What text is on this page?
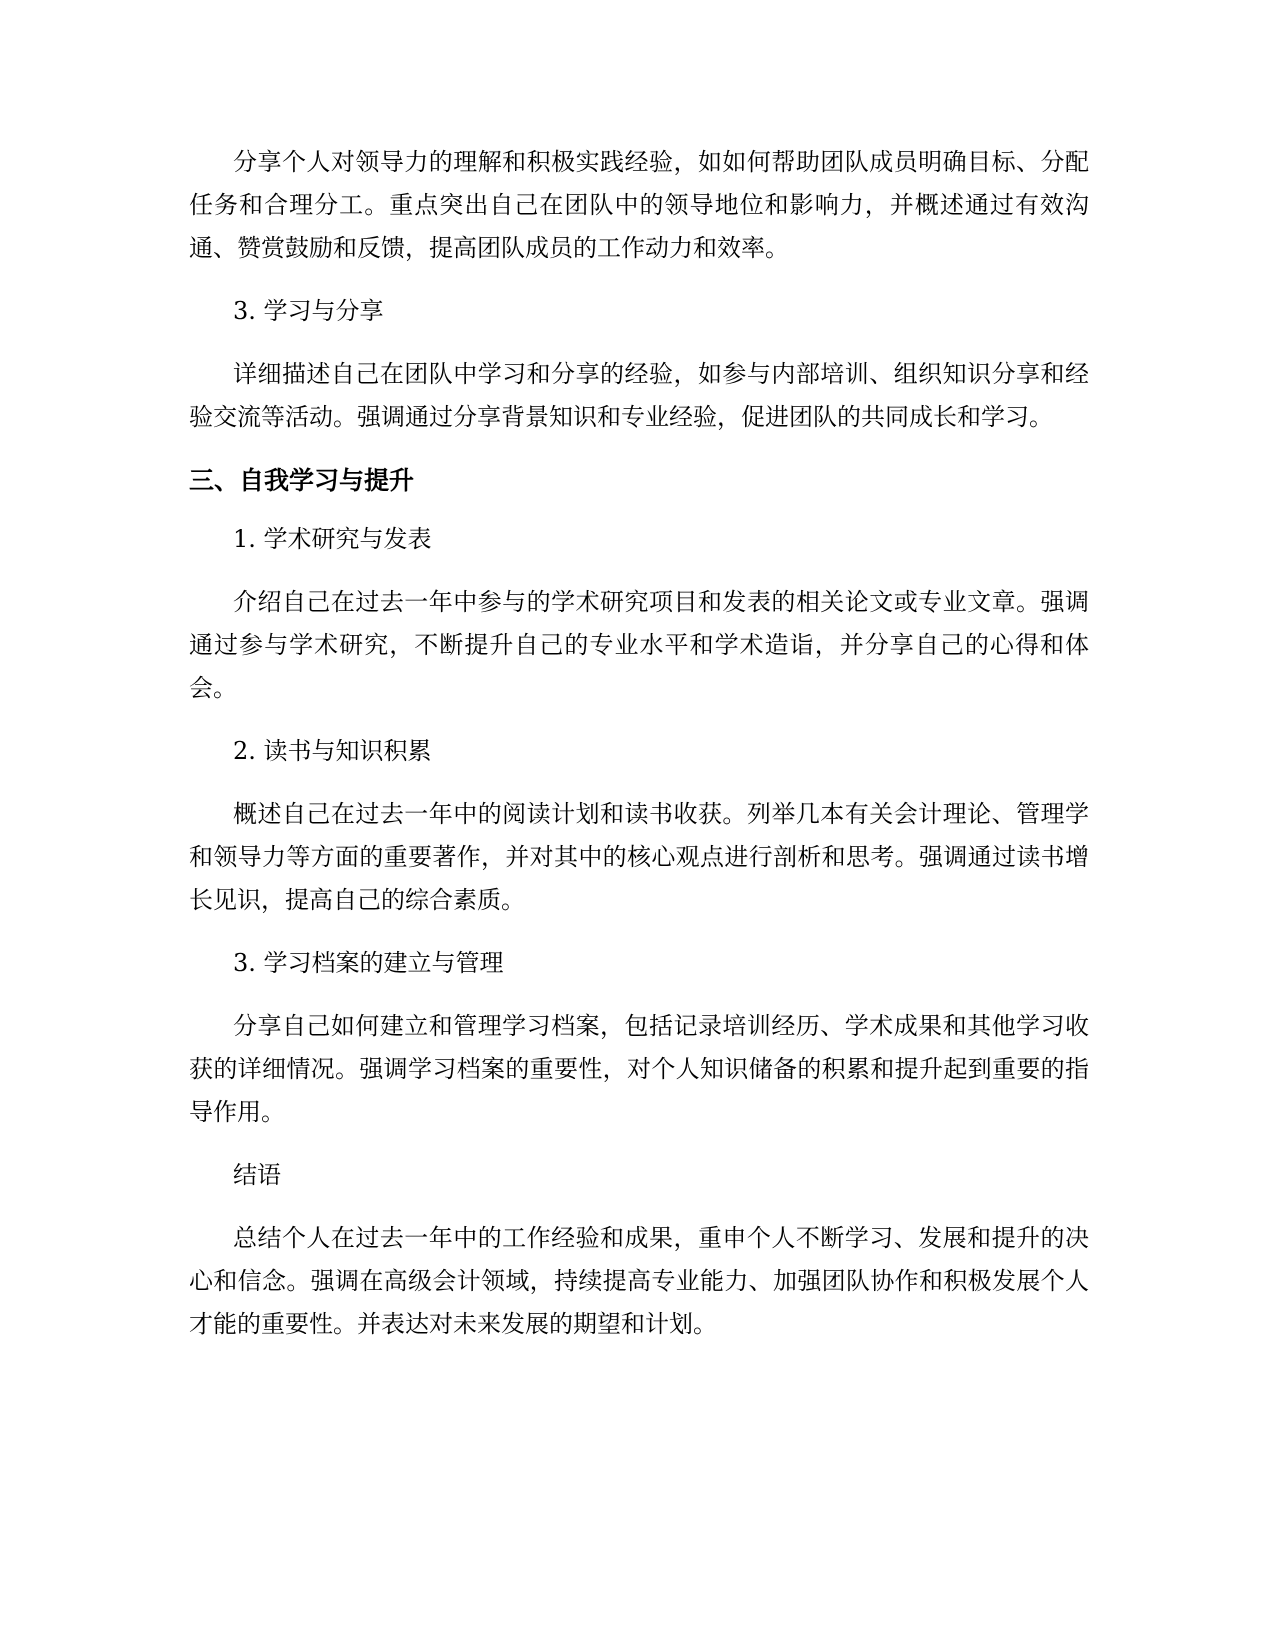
分享个人对领导力的理解和积极实践经验，如如何帮助团队成员明确目标、分配任务和合理分工。重点突出自己在团队中的领导地位和影响力，并概述通过有效沟通、赞赏鼓励和反馈，提高团队成员的工作动力和效率。

3. 学习与分享

详细描述自己在团队中学习和分享的经验，如参与内部培训、组织知识分享和经验交流等活动。强调通过分享背景知识和专业经验，促进团队的共同成长和学习。

三、自我学习与提升

1. 学术研究与发表

介绍自己在过去一年中参与的学术研究项目和发表的相关论文或专业文章。强调通过参与学术研究，不断提升自己的专业水平和学术造诣，并分享自己的心得和体会。

2. 读书与知识积累

概述自己在过去一年中的阅读计划和读书收获。列举几本有关会计理论、管理学和领导力等方面的重要著作，并对其中的核心观点进行剖析和思考。强调通过读书增长见识，提高自己的综合素质。

3. 学习档案的建立与管理

分享自己如何建立和管理学习档案，包括记录培训经历、学术成果和其他学习收获的详细情况。强调学习档案的重要性，对个人知识储备的积累和提升起到重要的指导作用。

结语

总结个人在过去一年中的工作经验和成果，重申个人不断学习、发展和提升的决心和信念。强调在高级会计领域，持续提高专业能力、加强团队协作和积极发展个人才能的重要性。并表达对未来发展的期望和计划。
